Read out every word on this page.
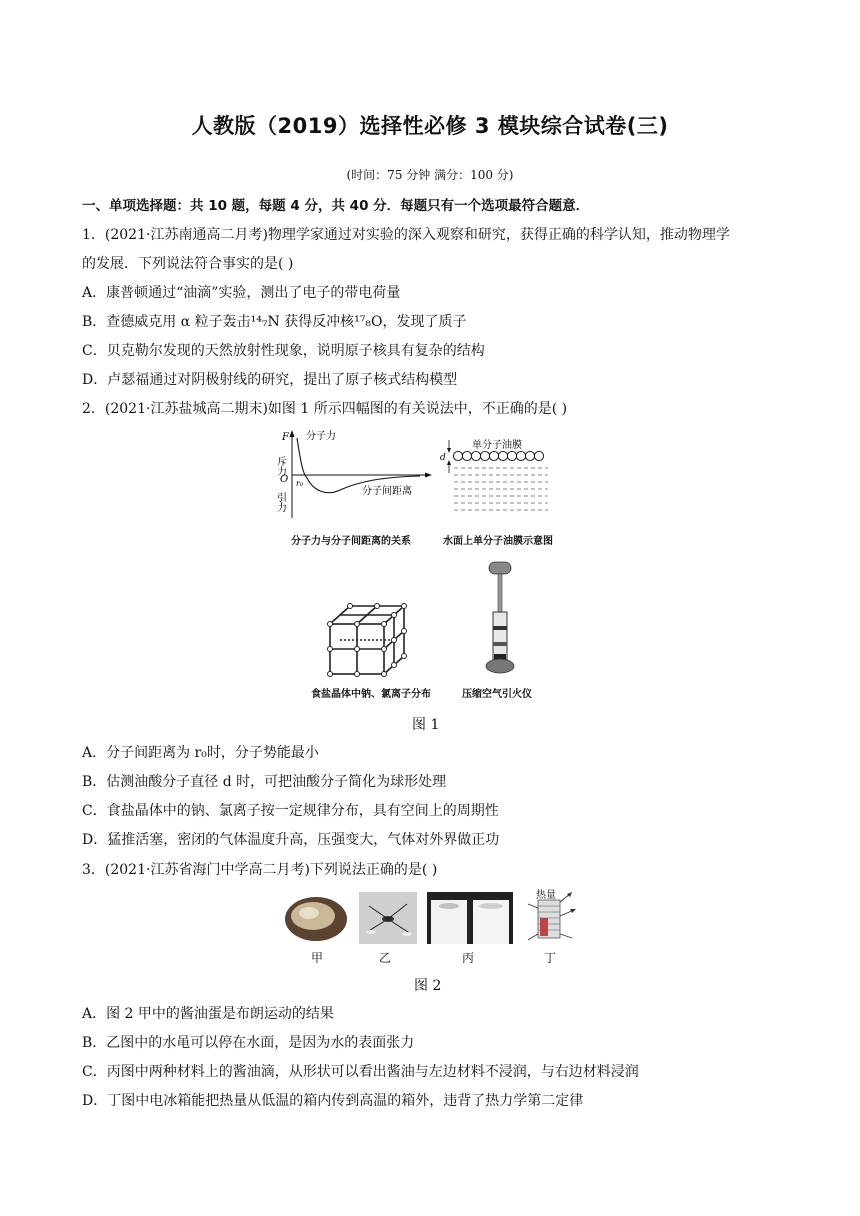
人教版（2019）选择性必修 3 模块综合试卷(三)
(时间：75 分钟 满分：100 分)
一、单项选择题：共 10 题，每题 4 分，共 40 分．每题只有一个选项最符合题意．
1．(2021·江苏南通高二月考)物理学家通过对实验的深入观察和研究，获得正确的科学认知，推动物理学
的发展．下列说法符合事实的是( )
A．康普顿通过“油滴”实验，测出了电子的带电荷量
B．查德威克用 α 粒子轰击¹⁴₇N 获得反冲核¹⁷₈O，发现了质子
C．贝克勒尔发现的天然放射性现象，说明原子核具有复杂的结构
D．卢瑟福通过对阴极射线的研究，提出了原子核式结构模型
2．(2021·江苏盐城高二期末)如图 1 所示四幅图的有关说法中，不正确的是( )
F 分子力
斥力
O
引力
r₀
分子间距离
单分子油膜
d
分子力与分子间距离的关系	水面上单分子油膜示意图
食盐晶体中钠、氯离子分布	压缩空气引火仪
图 1
A．分子间距离为 r₀时，分子势能最小
B．估测油酸分子直径 d 时，可把油酸分子简化为球形处理
C．食盐晶体中的钠、氯离子按一定规律分布，具有空间上的周期性
D．猛推活塞，密闭的气体温度升高，压强变大，气体对外界做正功
3．(2021·江苏省海门中学高二月考)下列说法正确的是( )
热量
甲	乙	丙	丁
图 2
A．图 2 甲中的酱油蛋是布朗运动的结果
B．乙图中的水黾可以停在水面，是因为水的表面张力
C．丙图中两种材料上的酱油滴，从形状可以看出酱油与左边材料不浸润，与右边材料浸润
D．丁图中电冰箱能把热量从低温的箱内传到高温的箱外，违背了热力学第二定律
